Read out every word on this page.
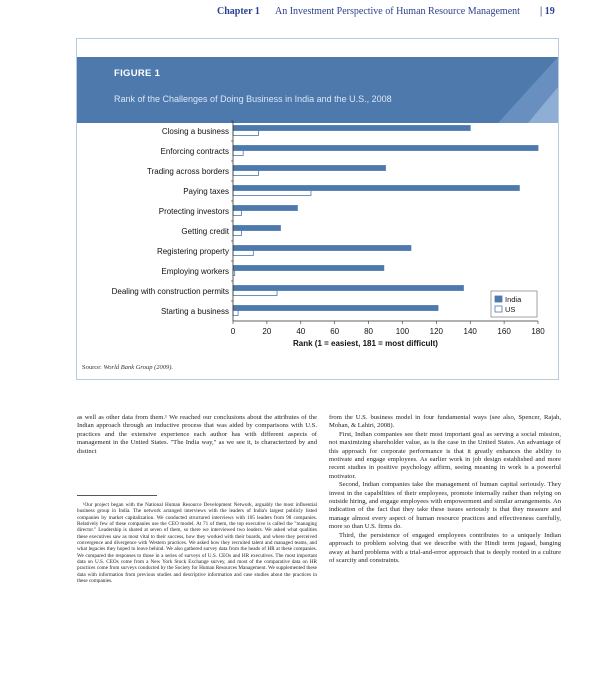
Chapter 1 An Investment Perspective of Human Resource Management | 19
Closing a business
Enforcing contracts
Trading across borders
Paying taxes
Protecting investors
Getting credit
Registering property
Employing workers
Dealing with construction permits
Starting a business
0	20	40	60	80	100	120	140	160	180
Rank (1 = easiest, 181 = most difficult)
India
US
FIGURE 1
Rank of the Challenges of Doing Business in India and the U.S., 2008
Source: World Bank Group (2009).

as well as other data from them.¹ We reached our conclusions about the attributes of the Indian approach through an inductive process that was aided by comparisons with U.S. practices and the extensive experience each author has with different aspects of management in the United States. "The India way," as we see it, is characterized by and distinct

¹Our project began with the National Human Resource Development Network, arguably the most influential business group in India. The network arranged interviews with the leaders of India's largest publicly listed companies by market capitalization. We conducted structured interviews with 105 leaders from 98 companies. Relatively few of these companies use the CEO model. At 71 of them, the top executive is called the "managing director." Leadership is shared at seven of them, so there we interviewed two leaders. We asked what qualities these executives saw as most vital to their success, how they worked with their boards, and where they perceived convergence and divergence with Western practices. We asked how they recruited talent and managed teams, and what legacies they hoped to leave behind. We also gathered survey data from the heads of HR at these companies. We compared the responses to those in a series of surveys of U.S. CEOs and HR executives. The most important data on U.S. CEOs come from a New York Stock Exchange survey, and most of the comparative data on HR practices come from surveys conducted by the Society for Human Resources Management. We supplemented these data with information from previous studies and descriptive information and case studies about the practices in these companies.

from the U.S. business model in four fundamental ways (see also, Spencer, Rajah, Mohan, & Lahiri, 2008).

First, Indian companies see their most important goal as serving a social mission, not maximizing shareholder value, as is the case in the United States. An advantage of this approach for corporate performance is that it greatly enhances the ability to motivate and engage employees. As earlier work in job design established and more recent studies in positive psychology affirm, seeing meaning in work is a powerful motivator.

Second, Indian companies take the management of human capital seriously. They invest in the capabilities of their employees, promote internally rather than relying on outside hiring, and engage employees with empowerment and similar arrangements. An indication of the fact that they take these issues seriously is that they measure and manage almost every aspect of human resource practices and effectiveness carefully, more so than U.S. firms do.

Third, the persistence of engaged employees contributes to a uniquely Indian approach to problem solving that we describe with the Hindi term jugaad, banging away at hard problems with a trial-and-error approach that is deeply rooted in a culture of scarcity and constraints.
